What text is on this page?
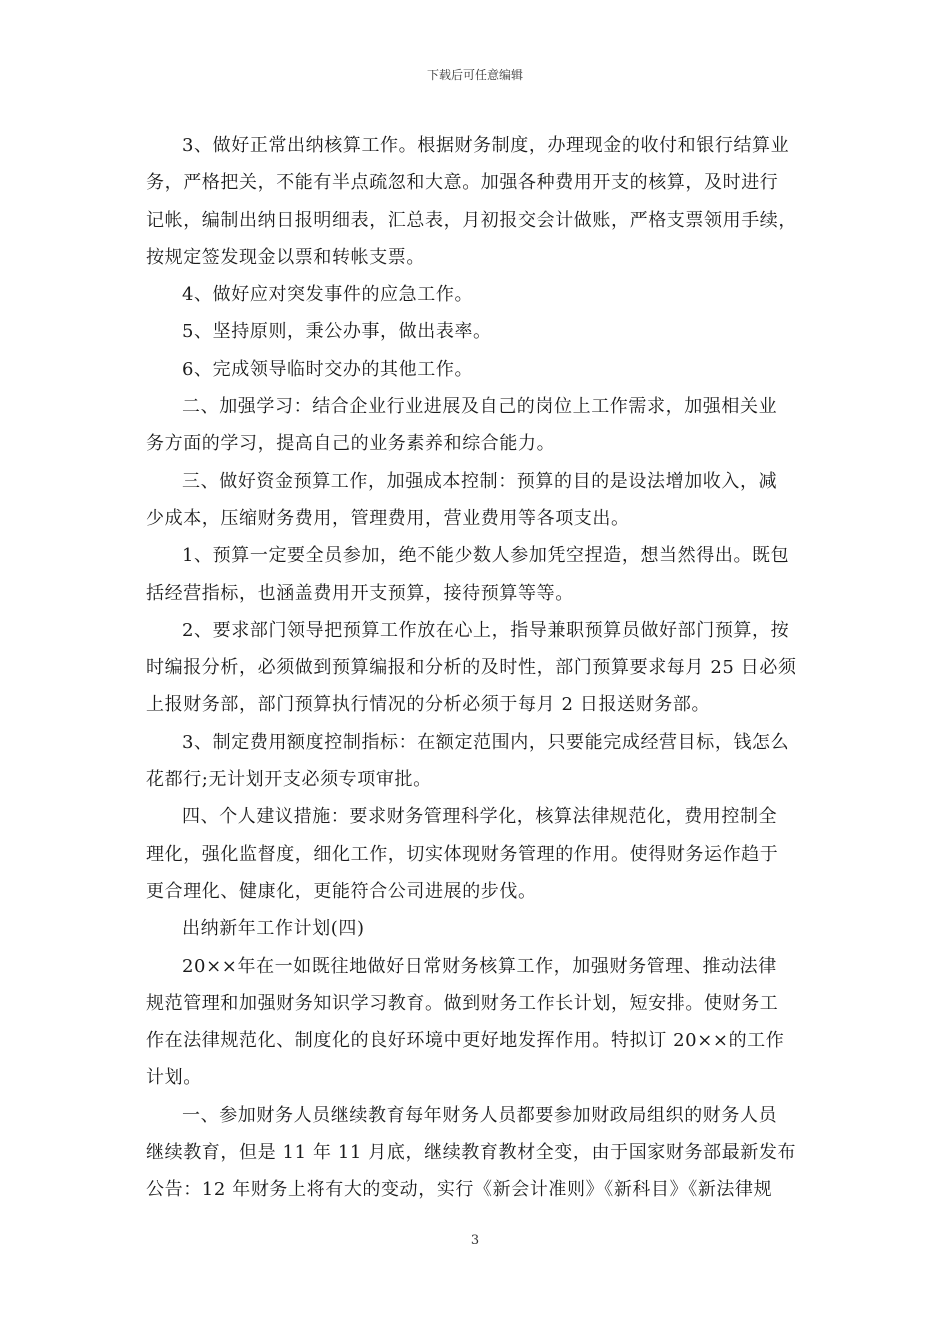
下载后可任意编辑
3、做好正常出纳核算工作。根据财务制度，办理现金的收付和银行结算业
务，严格把关，不能有半点疏忽和大意。加强各种费用开支的核算，及时进行
记帐，编制出纳日报明细表，汇总表，月初报交会计做账，严格支票领用手续，
按规定签发现金以票和转帐支票。
4、做好应对突发事件的应急工作。
5、坚持原则，秉公办事，做出表率。
6、完成领导临时交办的其他工作。
二、加强学习：结合企业行业进展及自己的岗位上工作需求，加强相关业
务方面的学习，提高自己的业务素养和综合能力。
三、做好资金预算工作，加强成本控制：预算的目的是设法增加收入，减
少成本，压缩财务费用，管理费用，营业费用等各项支出。
1、预算一定要全员参加，绝不能少数人参加凭空捏造，想当然得出。既包
括经营指标，也涵盖费用开支预算，接待预算等等。
2、要求部门领导把预算工作放在心上，指导兼职预算员做好部门预算，按
时编报分析，必须做到预算编报和分析的及时性，部门预算要求每月 25 日必须
上报财务部，部门预算执行情况的分析必须于每月 2 日报送财务部。
3、制定费用额度控制指标：在额定范围内，只要能完成经营目标，钱怎么
花都行;无计划开支必须专项审批。
四、个人建议措施：要求财务管理科学化，核算法律规范化，费用控制全
理化，强化监督度，细化工作，切实体现财务管理的作用。使得财务运作趋于
更合理化、健康化，更能符合公司进展的步伐。
出纳新年工作计划(四)
20××年在一如既往地做好日常财务核算工作，加强财务管理、推动法律
规范管理和加强财务知识学习教育。做到财务工作长计划，短安排。使财务工
作在法律规范化、制度化的良好环境中更好地发挥作用。特拟订 20××的工作
计划。
一、参加财务人员继续教育每年财务人员都要参加财政局组织的财务人员
继续教育，但是 11 年 11 月底，继续教育教材全变，由于国家财务部最新发布
公告：12 年财务上将有大的变动，实行《新会计准则》《新科目》《新法律规
3
